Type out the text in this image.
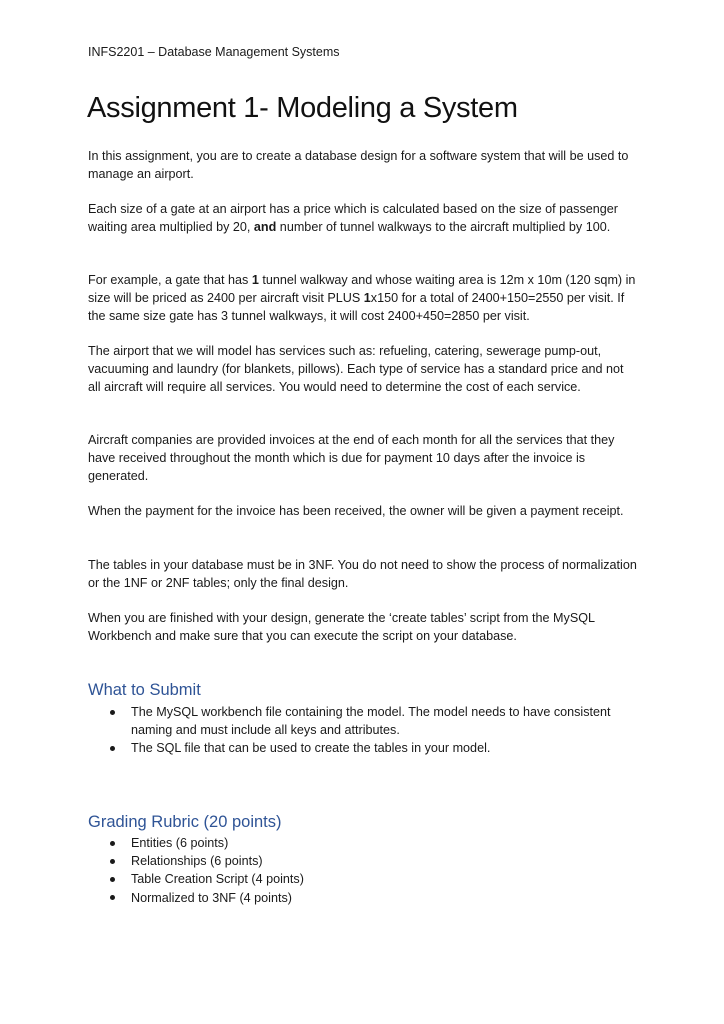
INFS2201 – Database Management Systems
Assignment 1- Modeling a System

In this assignment, you are to create a database design for a software system that will be used to manage an airport.

Each size of a gate at an airport has a price which is calculated based on the size of passenger waiting area multiplied by 20, and number of tunnel walkways to the aircraft multiplied by 100.

For example, a gate that has 1 tunnel walkway and whose waiting area is 12m x 10m (120 sqm) in size will be priced as 2400 per aircraft visit PLUS 1x150 for a total of 2400+150=2550 per visit. If the same size gate has 3 tunnel walkways, it will cost 2400+450=2850 per visit.

The airport that we will model has services such as: refueling, catering, sewerage pump-out, vacuuming and laundry (for blankets, pillows). Each type of service has a standard price and not all aircraft will require all services. You would need to determine the cost of each service.

Aircraft companies are provided invoices at the end of each month for all the services that they have received throughout the month which is due for payment 10 days after the invoice is generated.

When the payment for the invoice has been received, the owner will be given a payment receipt.

The tables in your database must be in 3NF. You do not need to show the process of normalization or the 1NF or 2NF tables; only the final design.

When you are finished with your design, generate the ‘create tables’ script from the MySQL Workbench and make sure that you can execute the script on your database.

What to Submit
The MySQL workbench file containing the model. The model needs to have consistent naming and must include all keys and attributes.
The SQL file that can be used to create the tables in your model.
Grading Rubric (20 points)
Entities (6 points)
Relationships (6 points)
Table Creation Script (4 points)
Normalized to 3NF (4 points)
